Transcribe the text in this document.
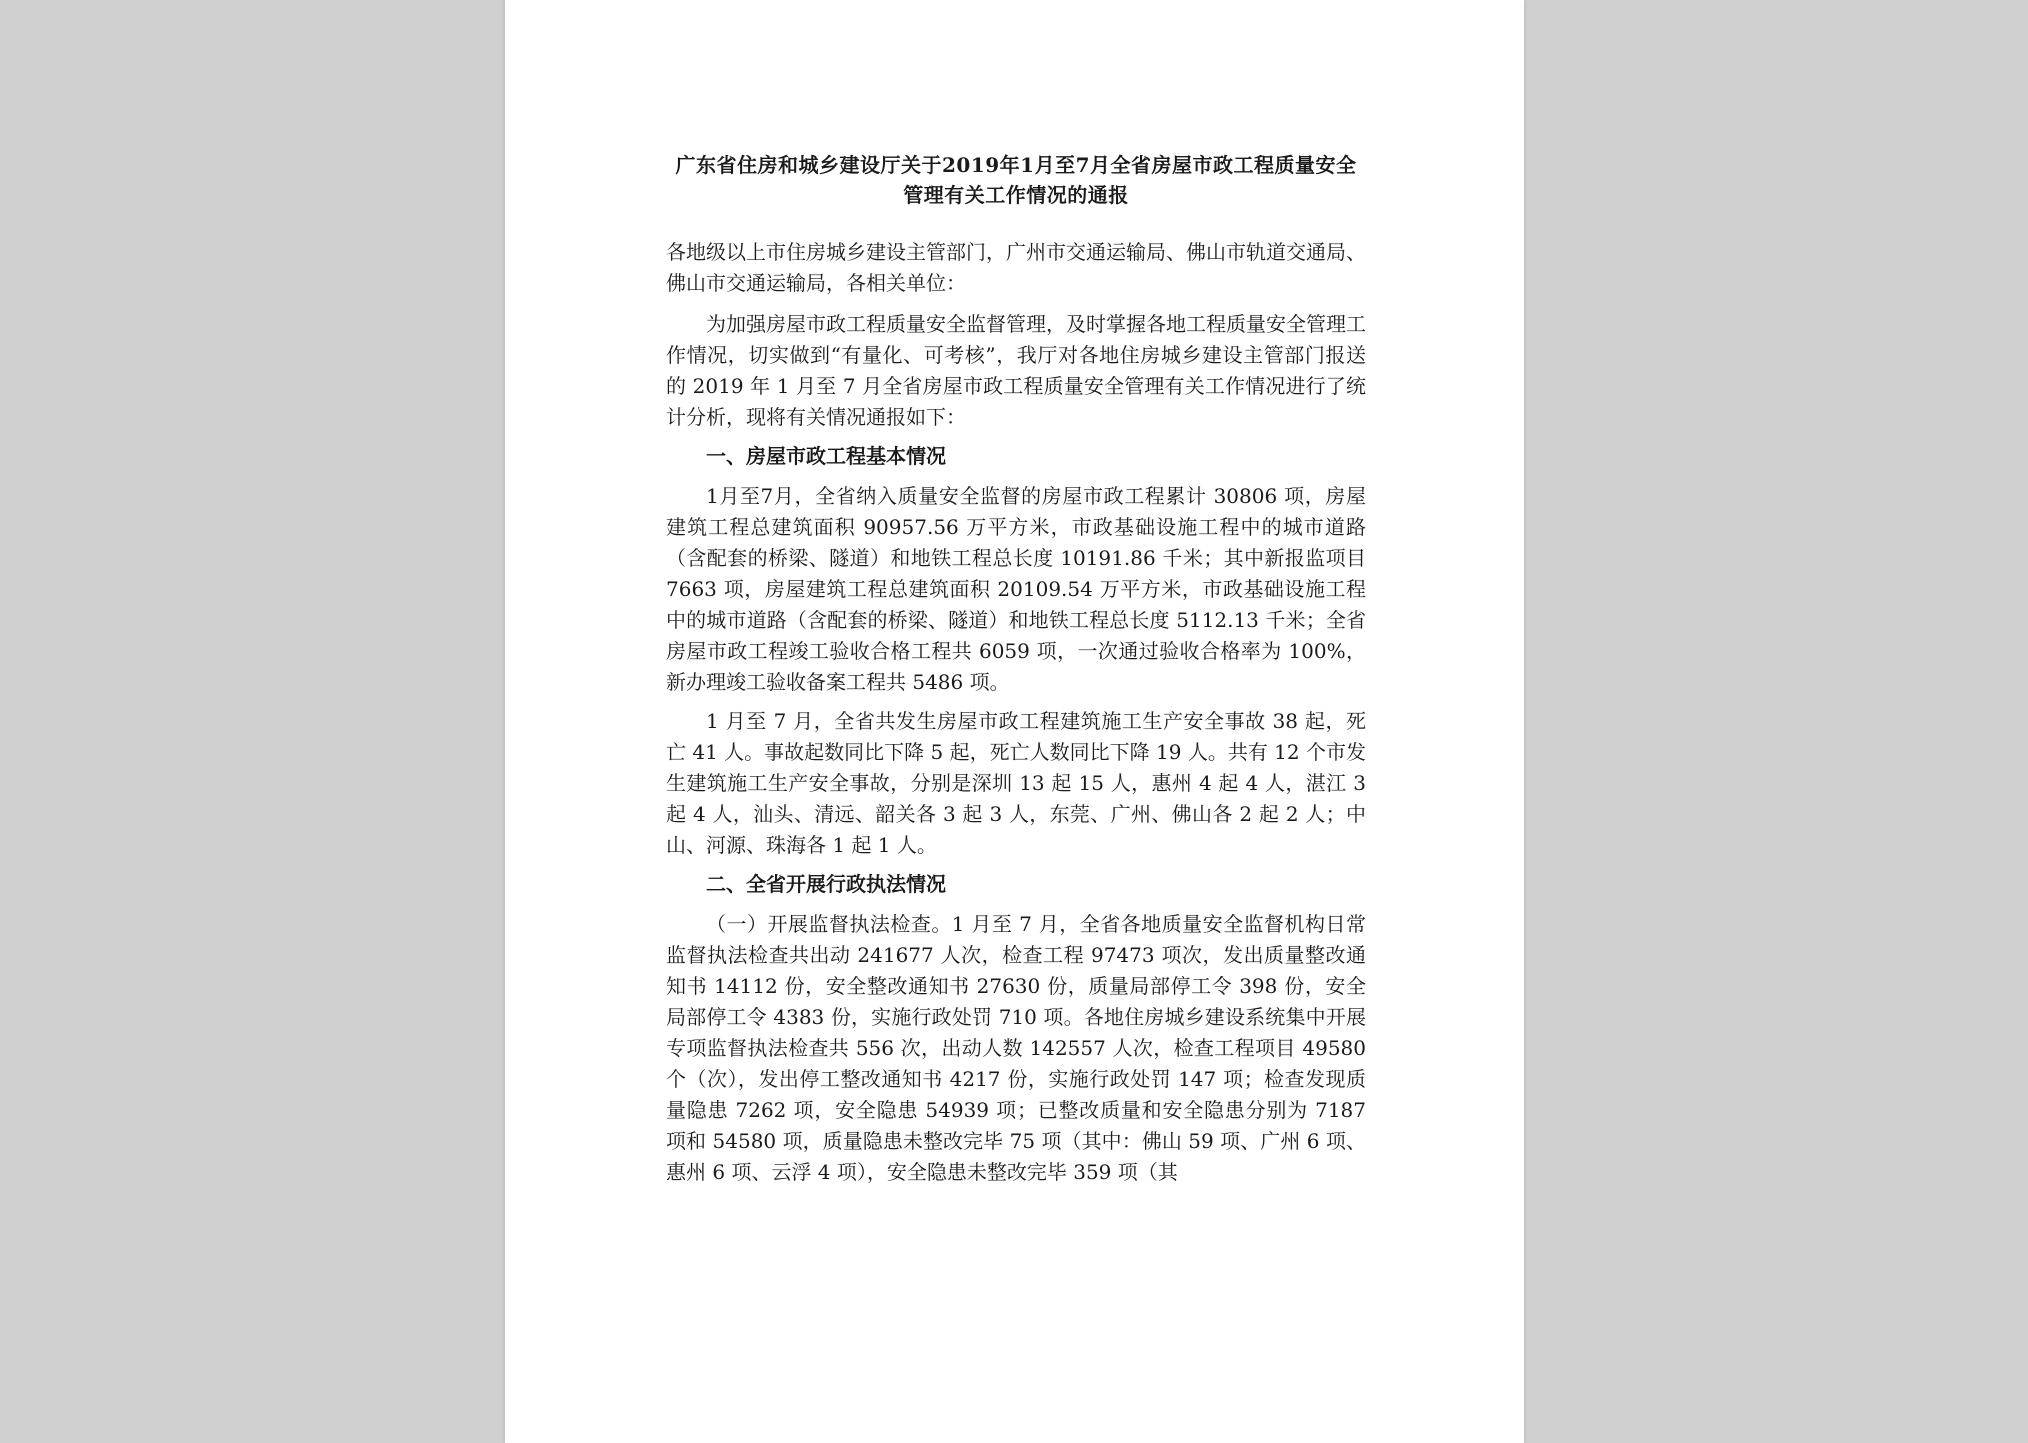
广东省住房和城乡建设厅关于2019年1月至7月全省房屋市政工程质量安全管理有关工作情况的通报

各地级以上市住房城乡建设主管部门，广州市交通运输局、佛山市轨道交通局、佛山市交通运输局，各相关单位：

为加强房屋市政工程质量安全监督管理，及时掌握各地工程质量安全管理工作情况，切实做到“有量化、可考核”，我厅对各地住房城乡建设主管部门报送的 2019 年 1 月至 7 月全省房屋市政工程质量安全管理有关工作情况进行了统计分析，现将有关情况通报如下：

一、房屋市政工程基本情况

1月至7月，全省纳入质量安全监督的房屋市政工程累计 30806 项，房屋建筑工程总建筑面积 90957.56 万平方米，市政基础设施工程中的城市道路（含配套的桥梁、隧道）和地铁工程总长度 10191.86 千米；其中新报监项目 7663 项，房屋建筑工程总建筑面积 20109.54 万平方米，市政基础设施工程中的城市道路（含配套的桥梁、隧道）和地铁工程总长度 5112.13 千米；全省房屋市政工程竣工验收合格工程共 6059 项，一次通过验收合格率为 100%，新办理竣工验收备案工程共 5486 项。

1 月至 7 月，全省共发生房屋市政工程建筑施工生产安全事故 38 起，死亡 41 人。事故起数同比下降 5 起，死亡人数同比下降 19 人。共有 12 个市发生建筑施工生产安全事故，分别是深圳 13 起 15 人，惠州 4 起 4 人，湛江 3 起 4 人，汕头、清远、韶关各 3 起 3 人，东莞、广州、佛山各 2 起 2 人；中山、河源、珠海各 1 起 1 人。

二、全省开展行政执法情况

（一）开展监督执法检查。1 月至 7 月，全省各地质量安全监督机构日常监督执法检查共出动 241677 人次，检查工程 97473 项次，发出质量整改通知书 14112 份，安全整改通知书 27630 份，质量局部停工令 398 份，安全局部停工令 4383 份，实施行政处罚 710 项。各地住房城乡建设系统集中开展专项监督执法检查共 556 次，出动人数 142557 人次，检查工程项目 49580 个（次），发出停工整改通知书 4217 份，实施行政处罚 147 项；检查发现质量隐患 7262 项，安全隐患 54939 项；已整改质量和安全隐患分别为 7187 项和 54580 项，质量隐患未整改完毕 75 项（其中：佛山 59 项、广州 6 项、惠州 6 项、云浮 4 项），安全隐患未整改完毕 359 项（其
